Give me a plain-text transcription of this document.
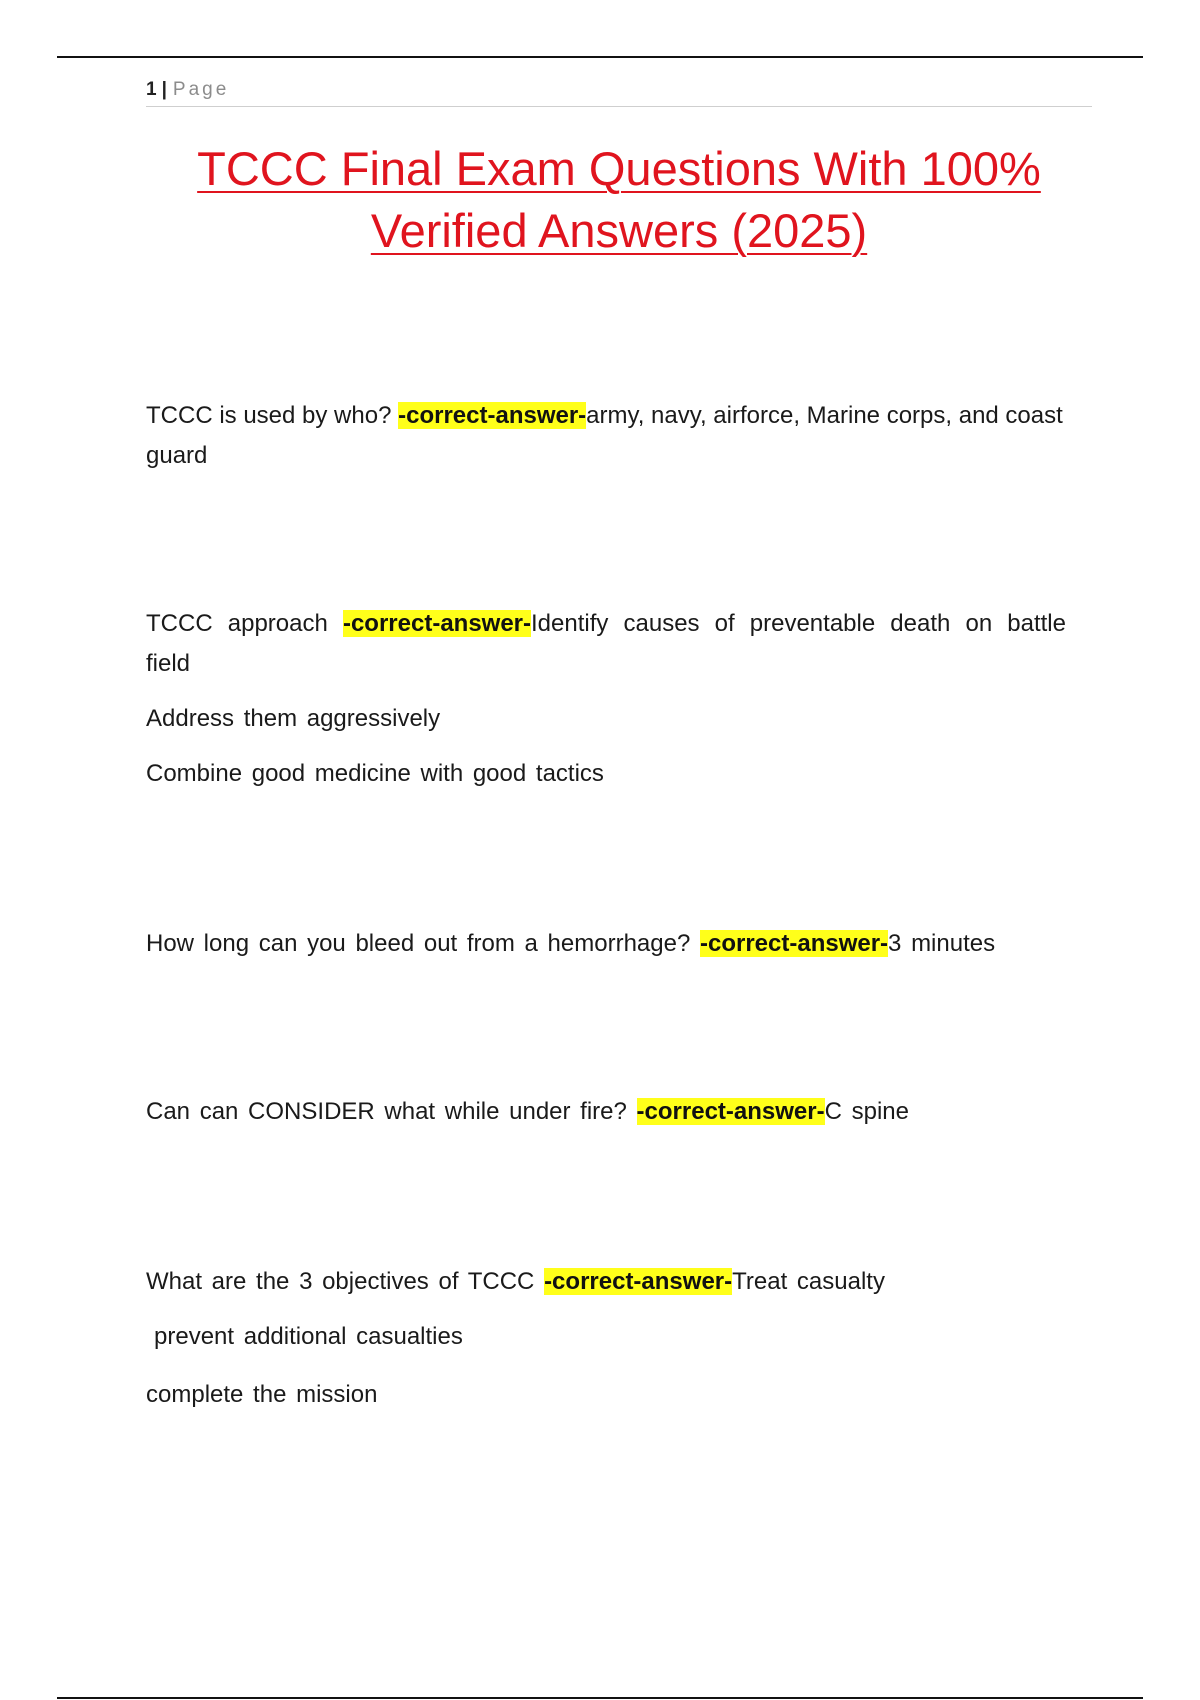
1 | Page
TCCC Final Exam Questions With 100%
Verified Answers (2025)

TCCC is used by who? -correct-answer-army, navy, airforce, Marine corps, and coast guard

TCCC approach -correct-answer-Identify causes of preventable death on battle field

Address them aggressively

Combine good medicine with good tactics

How long can you bleed out from a hemorrhage? -correct-answer-3 minutes

Can can CONSIDER what while under fire? -correct-answer-C spine

What are the 3 objectives of TCCC -correct-answer-Treat casualty

prevent additional casualties

complete the mission
